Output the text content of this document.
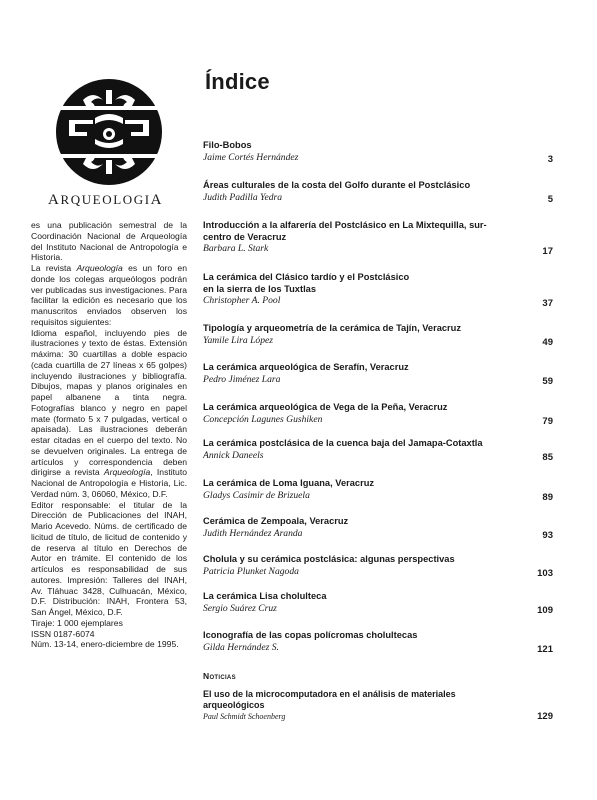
ARQUEOLOGIA

es una publicación semestral de la Coordinación Nacional de Arqueología del Instituto Nacional de Antropología e Historia.

La revista Arqueología es un foro en donde los colegas arqueólogos podrán ver publicadas sus investigaciones. Para facilitar la edición es necesario que los manuscritos enviados observen los requisitos siguientes:

Idioma español, incluyendo pies de ilustraciones y texto de éstas. Extensión máxima: 30 cuartillas a doble espacio (cada cuartilla de 27 líneas x 65 golpes) incluyendo ilustraciones y bibliografía. Dibujos, mapas y planos originales en papel albanene a tinta negra. Fotografías blanco y negro en papel mate (formato 5 x 7 pulgadas, vertical o apaisada). Las ilustraciones deberán estar citadas en el cuerpo del texto. No se devuelven originales. La entrega de artículos y correspondencia deben dirigirse a revista Arqueología, Instituto Nacional de Antropología e Historia, Lic. Verdad núm. 3, 06060, México, D.F.

Editor responsable: el titular de la Dirección de Publicaciones del INAH, Mario Acevedo. Núms. de certificado de licitud de título, de licitud de contenido y de reserva al título en Derechos de Autor en trámite. El contenido de los artículos es responsabilidad de sus autores. Impresión: Talleres del INAH, Av. Tláhuac 3428, Culhuacán, México, D.F. Distribución: INAH, Frontera 53, San Ángel, México, D.F.

Tiraje: 1 000 ejemplares

ISSN 0187-6074

Núm. 13-14, enero-diciembre de 1995.

Índice
Filo-Bobos
Jaime Cortés Hernández	3
Áreas culturales de la costa del Golfo durante el Postclásico
Judith Padilla Yedra	5
Introducción a la alfarería del Postclásico en La Mixtequilla, sur-centro de Veracruz
Barbara L. Stark	17
La cerámica del Clásico tardío y el Postclásico en la sierra de los Tuxtlas
Christopher A. Pool	37
Tipología y arqueometría de la cerámica de Tajín, Veracruz
Yamile Lira López	49
La cerámica arqueológica de Serafín, Veracruz
Pedro Jiménez Lara	59
La cerámica arqueológica de Vega de la Peña, Veracruz
Concepción Lagunes Gushiken	79
La cerámica postclásica de la cuenca baja del Jamapa-Cotaxtla
Annick Daneels	85
La cerámica de Loma Iguana, Veracruz
Gladys Casimir de Brizuela	89
Cerámica de Zempoala, Veracruz
Judith Hernández Aranda	93
Cholula y su cerámica postclásica: algunas perspectivas
Patricia Plunket Nagoda	103
La cerámica Lisa cholulteca
Sergio Suárez Cruz	109
Iconografía de las copas polícromas cholultecas
Gilda Hernández S.	121
Noticias
El uso de la microcomputadora en el análisis de materiales arqueológicos
Paul Schmidt Schoenberg	129
